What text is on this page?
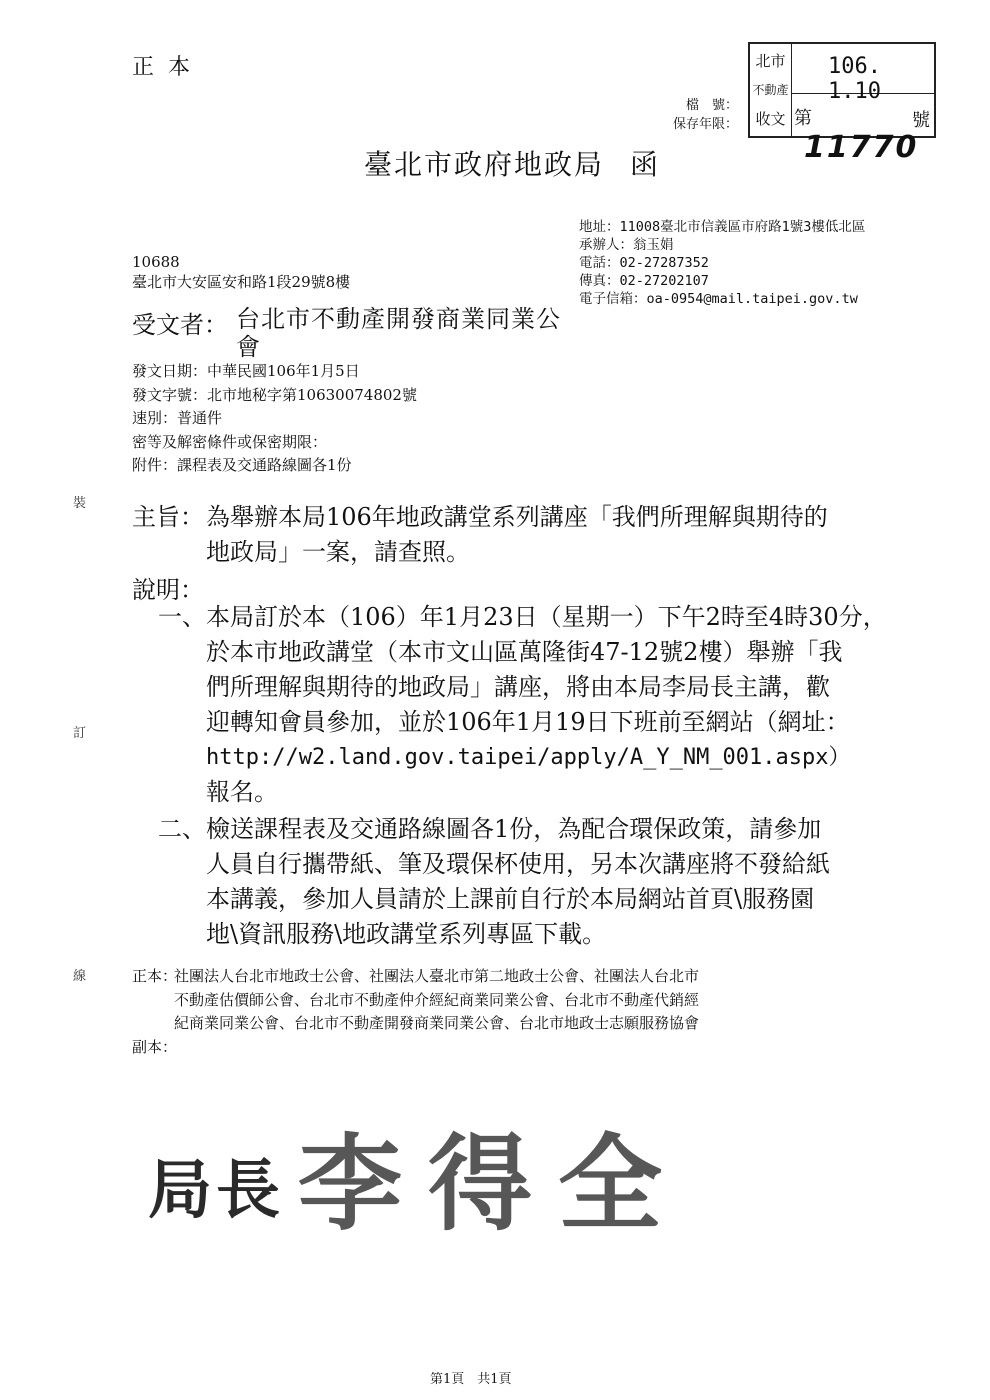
正本
檔　號：
保存年限：
北市
不動產
收文
106. 1.10
第11770
號
臺北市政府地政局 函
地址：11008臺北市信義區市府路1號3樓低北區
承辦人：翁玉娟
電話：02-27287352
傳真：02-27202107
電子信箱：oa-0954@mail.taipei.gov.tw
10688
臺北市大安區安和路1段29號8樓
受文者： 台北市不動產開發商業同業公會
發文日期：中華民國106年1月5日
發文字號：北市地秘字第10630074802號
速別：普通件
密等及解密條件或保密期限：
附件：課程表及交通路線圖各1份
主旨：為舉辦本局106年地政講堂系列講座「我們所理解與期待的
地政局」一案，請查照。
說明：
一、 本局訂於本（106）年1月23日（星期一）下午2時至4時30分，
於本市地政講堂（本市文山區萬隆街47-12號2樓）舉辦「我
們所理解與期待的地政局」講座，將由本局李局長主講，歡
迎轉知會員參加，並於106年1月19日下班前至網站（網址：
http://w2.land.gov.taipei/apply/A_Y_NM_001.aspx）
報名。
二、 檢送課程表及交通路線圖各1份，為配合環保政策，請參加
人員自行攜帶紙、筆及環保杯使用，另本次講座將不發給紙
本講義，參加人員請於上課前自行於本局網站首頁\服務園
地\資訊服務\地政講堂系列專區下載。
正本：
社團法人台北市地政士公會、社團法人臺北市第二地政士公會、社團法人台北市
不動產估價師公會、台北市不動產仲介經紀商業同業公會、台北市不動產代銷經
紀商業同業公會、台北市不動產開發商業同業公會、台北市地政士志願服務協會
副本：
局長 李得全
裝
訂
線
第1頁　共1頁
